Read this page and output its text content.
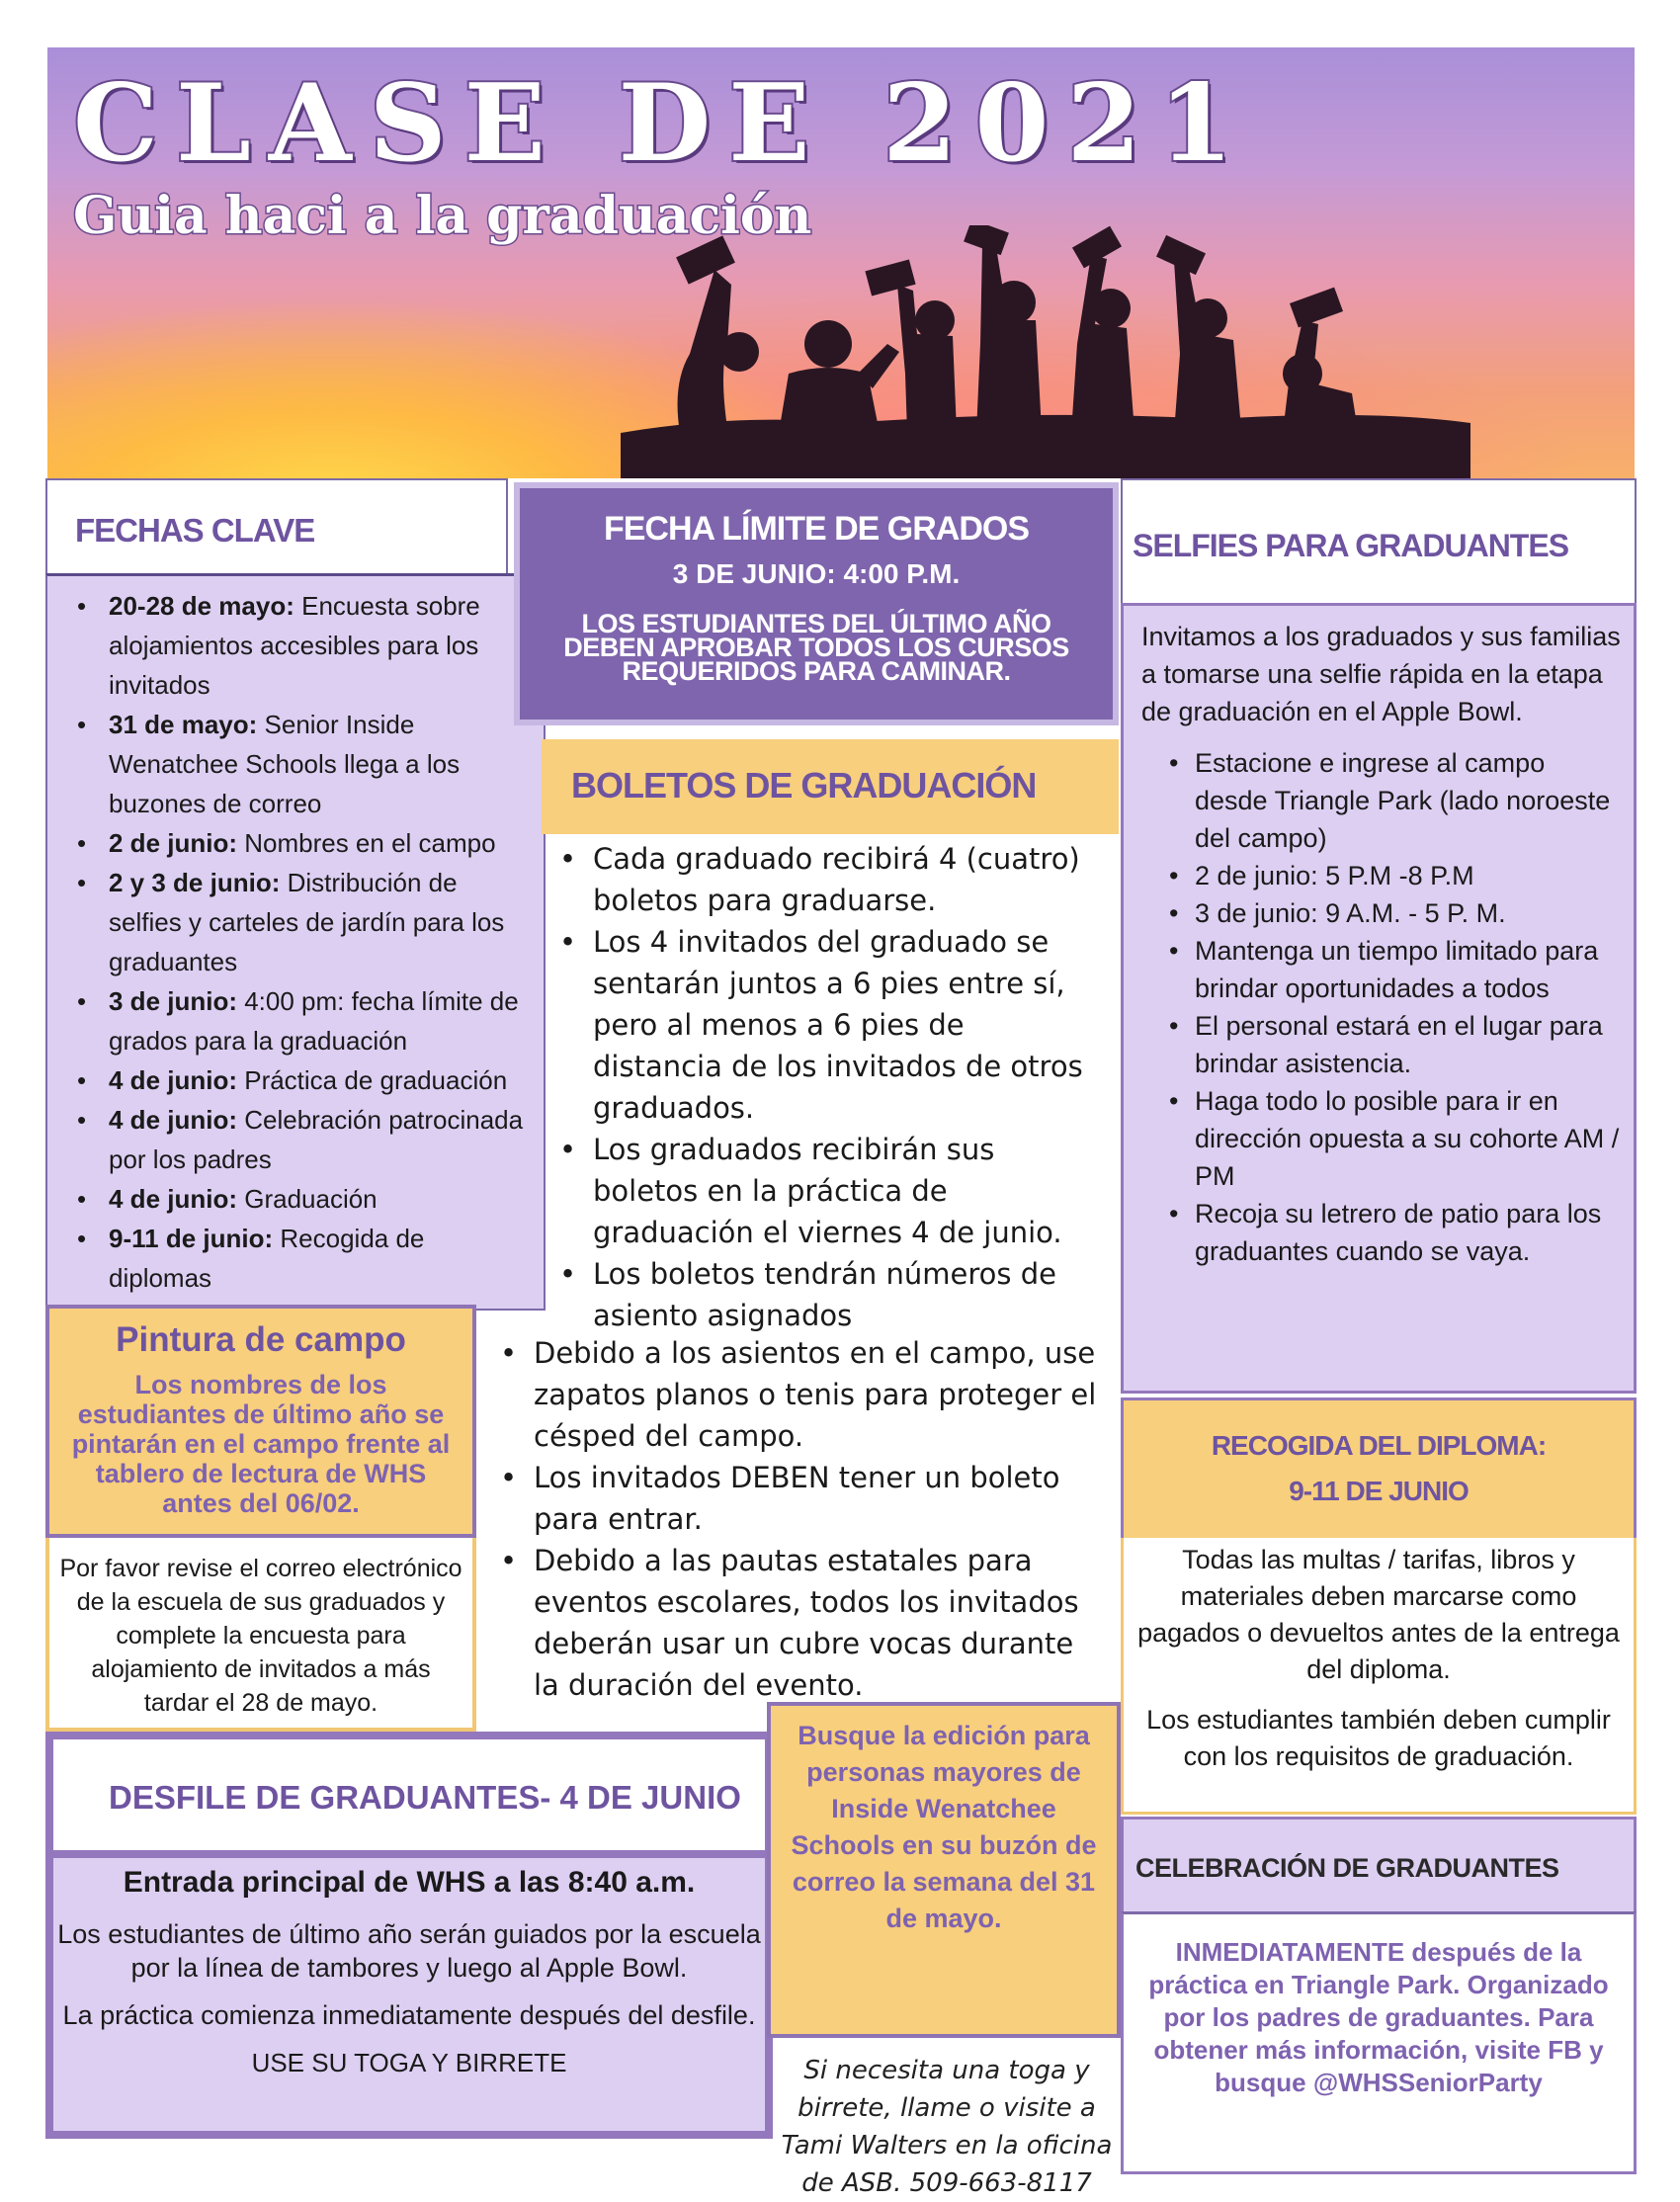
CLASE DE 2021
Guia haci a la graduación
FECHAS CLAVE
• 20-28 de mayo: Encuesta sobre alojamientos accesibles para los invitados
• 31 de mayo: Senior Inside Wenatchee Schools llega a los buzones de correo
• 2 de junio: Nombres en el campo
• 2 y 3 de junio: Distribución de selfies y carteles de jardín para los graduantes
• 3 de junio: 4:00 pm: fecha límite de grados para la graduación
• 4 de junio: Práctica de graduación
• 4 de junio: Celebración patrocinada por los padres
• 4 de junio: Graduación
• 9-11 de junio: Recogida de diplomas
Pintura de campo
Los nombres de los estudiantes de último año se pintarán en el campo frente al tablero de lectura de WHS antes del 06/02.
Por favor revise el correo electrónico de la escuela de sus graduados y complete la encuesta para alojamiento de invitados a más tardar el 28 de mayo.
DESFILE DE GRADUANTES- 4 DE JUNIO
Entrada principal de WHS a las 8:40 a.m.

Los estudiantes de último año serán guiados por la escuela por la línea de tambores y luego al Apple Bowl.

La práctica comienza inmediatamente después del desfile.

USE SU TOGA Y BIRRETE
FECHA LÍMITE DE GRADOS
3 DE JUNIO: 4:00 P.M.
LOS ESTUDIANTES DEL ÚLTIMO AÑO DEBEN APROBAR TODOS LOS CURSOS REQUERIDOS PARA CAMINAR.
BOLETOS DE GRADUACIÓN
• Cada graduado recibirá 4 (cuatro) boletos para graduarse.
• Los 4 invitados del graduado se sentarán juntos a 6 pies entre sí, pero al menos a 6 pies de distancia de los invitados de otros graduados.
• Los graduados recibirán sus boletos en la práctica de graduación el viernes 4 de junio.
• Los boletos tendrán números de asiento asignados
• Debido a los asientos en el campo, use zapatos planos o tenis para proteger el césped del campo.
• Los invitados DEBEN tener un boleto para entrar.
• Debido a las pautas estatales para eventos escolares, todos los invitados deberán usar un cubre vocas durante la duración del evento.
Busque la edición para personas mayores de Inside Wenatchee Schools en su buzón de correo la semana del 31 de mayo.
Si necesita una toga y birrete, llame o visite a Tami Walters en la oficina de ASB. 509-663-8117
SELFIES PARA GRADUANTES
Invitamos a los graduados y sus familias a tomarse una selfie rápida en la etapa de graduación en el Apple Bowl.
• Estacione e ingrese al campo desde Triangle Park (lado noroeste del campo)
• 2 de junio: 5 P.M -8 P.M
• 3 de junio: 9 A.M. - 5 P. M.
• Mantenga un tiempo limitado para brindar oportunidades a todos
• El personal estará en el lugar para brindar asistencia.
• Haga todo lo posible para ir en dirección opuesta a su cohorte AM / PM
• Recoja su letrero de patio para los graduantes cuando se vaya.
RECOGIDA DEL DIPLOMA:
9-11 DE JUNIO

Todas las multas / tarifas, libros y materiales deben marcarse como pagados o devueltos antes de la entrega del diploma.

Los estudiantes también deben cumplir con los requisitos de graduación.

CELEBRACIÓN DE GRADUANTES
INMEDIATAMENTE después de la práctica en Triangle Park. Organizado por los padres de graduantes. Para obtener más información, visite FB y busque @WHSSeniorParty
